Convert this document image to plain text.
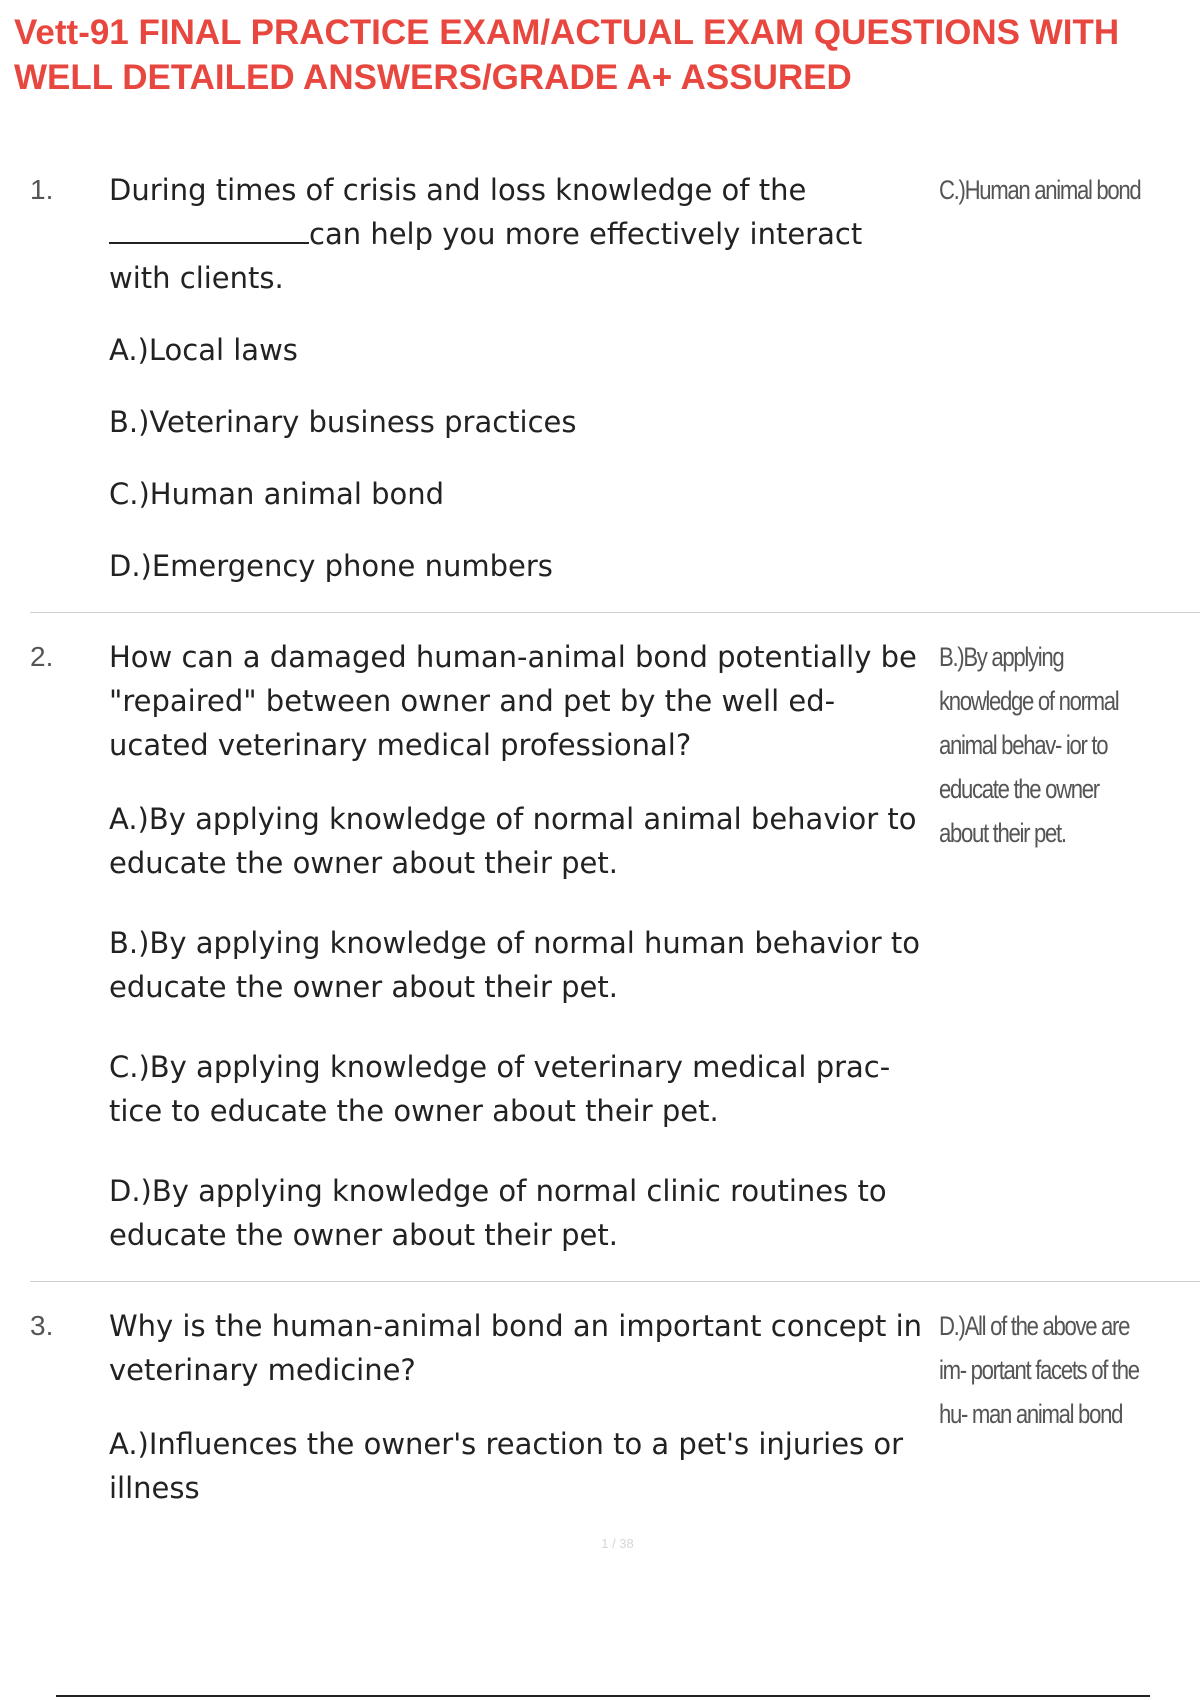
Vett-91 FINAL PRACTICE EXAM/ACTUAL EXAM QUESTIONS WITH WELL DETAILED ANSWERS/GRADE A+ ASSURED
1.	During times of crisis and loss knowledge of thecan help you more effectively interact with clients.

A.)Local laws

B.)Veterinary business practices

C.)Human animal bond

D.)Emergency phone numbers

C.)Human animal bond
2.	How can a damaged human-animal bond potentially be "repaired" between owner and pet by the well ed- ucated veterinary medical professional?

A.)By applying knowledge of normal animal behavior to educate the owner about their pet.

B.)By applying knowledge of normal human behavior to educate the owner about their pet.

C.)By applying knowledge of veterinary medical prac- tice to educate the owner about their pet.

D.)By applying knowledge of normal clinic routines to educate the owner about their pet.

B.)By applying knowledge of normal animal behav- ior to educate the owner about their pet.
3.	Why is the human-animal bond an important concept in veterinary medicine?

A.)Influences the owner's reaction to a pet's injuries or illness

D.)All of the above are im- portant facets of the hu- man animal bond
1 / 38
